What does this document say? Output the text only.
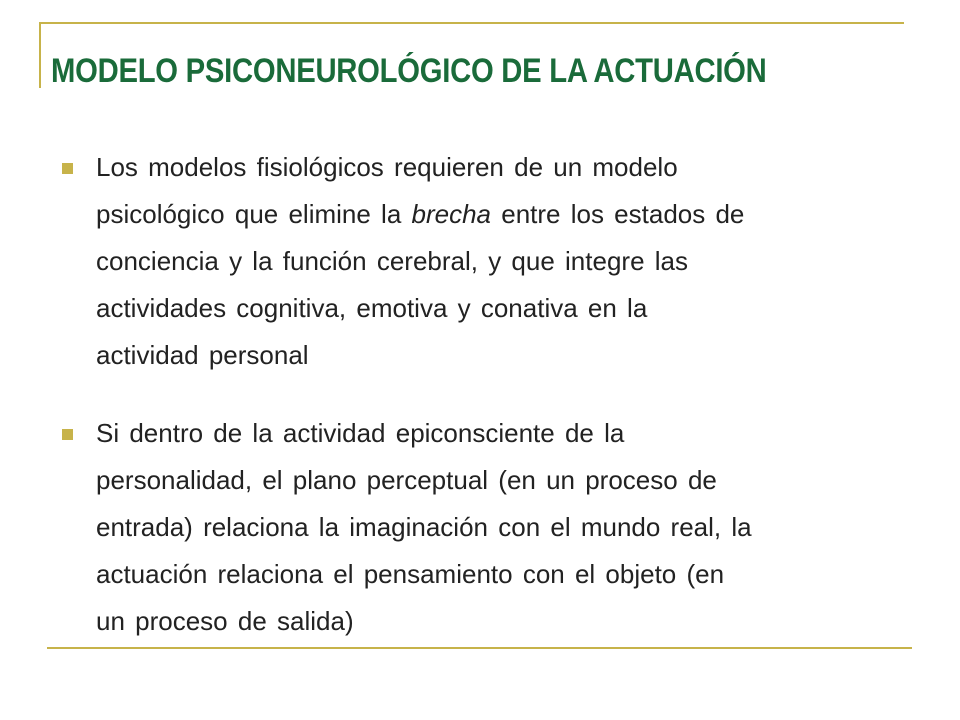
MODELO PSICONEUROLÓGICO DE LA ACTUACIÓN
Los modelos fisiológicos requieren de un modelo
psicológico que elimine la brecha entre los estados de
conciencia y la función cerebral, y que integre las
actividades cognitiva, emotiva y conativa en la
actividad personal
Si dentro de la actividad epiconsciente de la
personalidad, el plano perceptual (en un proceso de
entrada) relaciona la imaginación con el mundo real, la
actuación relaciona el pensamiento con el objeto (en
un proceso de salida)
